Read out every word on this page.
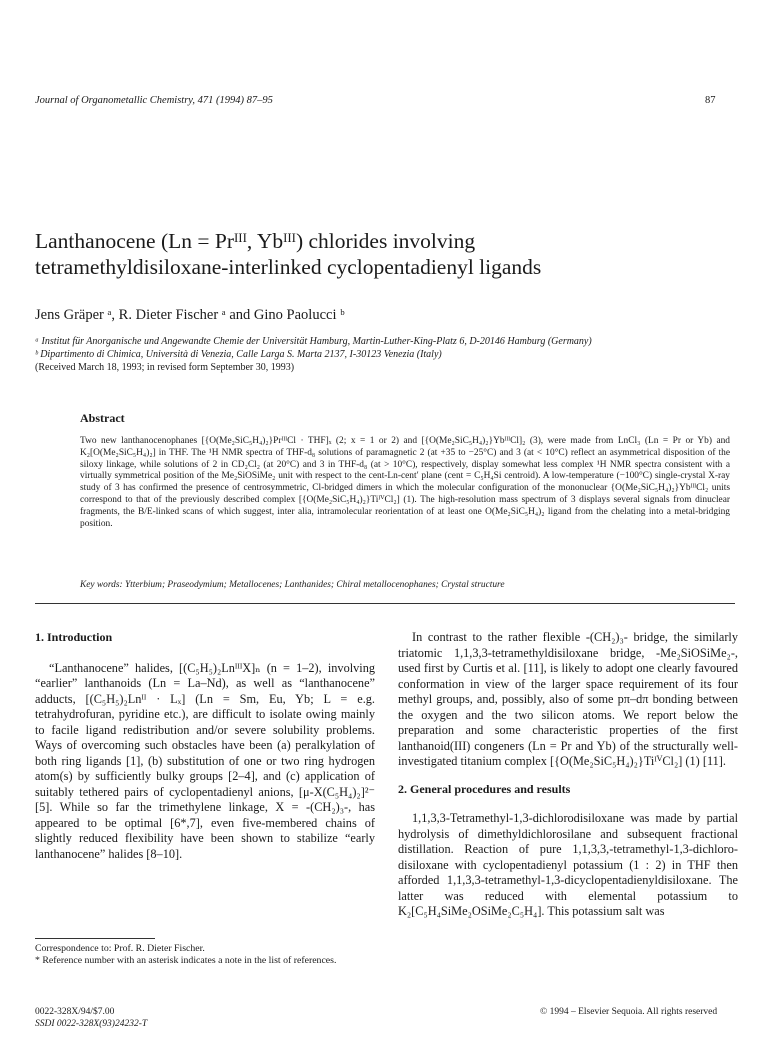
Journal of Organometallic Chemistry, 471 (1994) 87–95	87
Lanthanocene (Ln = Prᴵᴵᴵ, Ybᴵᴵᴵ) chlorides involving
tetramethyldisiloxane-interlinked cyclopentadienyl ligands
Jens Gräper ᵃ, R. Dieter Fischer ᵃ and Gino Paolucci ᵇ
ᵃ Institut für Anorganische und Angewandte Chemie der Universität Hamburg, Martin-Luther-King-Platz 6, D-20146 Hamburg (Germany)
ᵇ Dipartimento di Chimica, Università di Venezia, Calle Larga S. Marta 2137, I-30123 Venezia (Italy)
(Received March 18, 1993; in revised form September 30, 1993)
Abstract
Two new lanthanocenophanes [{O(Me₂SiC₅H₄)₂}PrᴵᴵᴵCl · THF]ₓ (2; x = 1 or 2) and [{O(Me₂SiC₅H₄)₂}YbᴵᴵᴵCl]₂ (3), were made from LnCl₃ (Ln = Pr or Yb) and K₂[O(Me₂SiC₅H₄)₂] in THF. The ¹H NMR spectra of THF-d₈ solutions of paramagnetic 2 (at +35 to −25°C) and 3 (at < 10°C) reflect an asymmetrical disposition of the siloxy linkage, while solutions of 2 in CD₂Cl₂ (at 20°C) and 3 in THF-d₈ (at > 10°C), respectively, display somewhat less complex ¹H NMR spectra consistent with a virtually symmetrical position of the Me₂SiOSiMe₂ unit with respect to the cent-Ln-cent′ plane (cent = C₅H₄Si centroid). A low-temperature (−100°C) single-crystal X-ray study of 3 has confirmed the presence of centrosymmetric, Cl-bridged dimers in which the molecular configuration of the mononuclear {O(Me₂SiC₅H₄)₂}YbᴵᴵᴵCl₂ units correspond to that of the previously described complex [{O(Me₂SiC₅H₄)₂}TiᴵⱽCl₂] (1). The high-resolution mass spectrum of 3 displays several signals from dinuclear fragments, the B/E-linked scans of which suggest, inter alia, intramolecular reorientation of at least one O(Me₂SiC₅H₄)₂ ligand from the chelating into a metal-bridging position.
Key words: Ytterbium; Praseodymium; Metallocenes; Lanthanides; Chiral metallocenophanes; Crystal structure

1. Introduction

“Lanthanocene” halides, [(C₅H₅)₂LnᴵᴵᴵX]ₙ (n = 1–2), involving “earlier” lanthanoids (Ln = La–Nd), as well as “lanthanocene” adducts, [(C₅H₅)₂Lnᴵᴵ · Lₓ] (Ln = Sm, Eu, Yb; L = e.g. tetrahydrofuran, pyridine etc.), are difficult to isolate owing mainly to facile ligand redistribution and/or severe solubility problems. Ways of overcoming such obstacles have been (a) peralkylation of both ring ligands [1], (b) substitution of one or two ring hydrogen atom(s) by sufficiently bulky groups [2–4], and (c) application of suitably tethered pairs of cyclopentadienyl anions, [μ-X(C₅H₄)₂]²⁻ [5]. While so far the trimethylene linkage, X = -(CH₂)₃-, has appeared to be optimal [6*,7], even five-membered chains of slightly reduced flexibility have been shown to stabilize “early lanthanocene” halides [8–10].

In contrast to the rather flexible -(CH₂)₃- bridge, the similarly triatomic 1,1,3,3-tetramethyldisiloxane bridge, -Me₂SiOSiMe₂-, used first by Curtis et al. [11], is likely to adopt one clearly favoured conformation in view of the larger space requirement of its four methyl groups, and, possibly, also of some pπ–dπ bonding between the oxygen and the two silicon atoms. We report below the preparation and some characteristic properties of the first lanthanoid(III) congeners (Ln = Pr and Yb) of the structurally well-investigated titanium complex [{O(Me₂SiC₅H₄)₂}TiᴵⱽCl₂] (1) [11].

2. General procedures and results

1,1,3,3-Tetramethyl-1,3-dichlorodisiloxane was made by partial hydrolysis of dimethyldichlorosilane and subsequent fractional distillation. Reaction of pure 1,1,3,3,-tetramethyl-1,3-dichloro-disiloxane with cyclopentadienyl potassium (1 : 2) in THF then afforded 1,1,3,3-tetramethyl-1,3-dicyclopentadienyldisiloxane. The latter was reduced with elemental potassium to K₂[C₅H₄SiMe₂OSiMe₂C₅H₄]. This potassium salt was

Correspondence to: Prof. R. Dieter Fischer.
* Reference number with an asterisk indicates a note in the list of references.
0022-328X/94/$7.00
SSDI 0022-328X(93)24232-T
© 1994 – Elsevier Sequoia. All rights reserved
